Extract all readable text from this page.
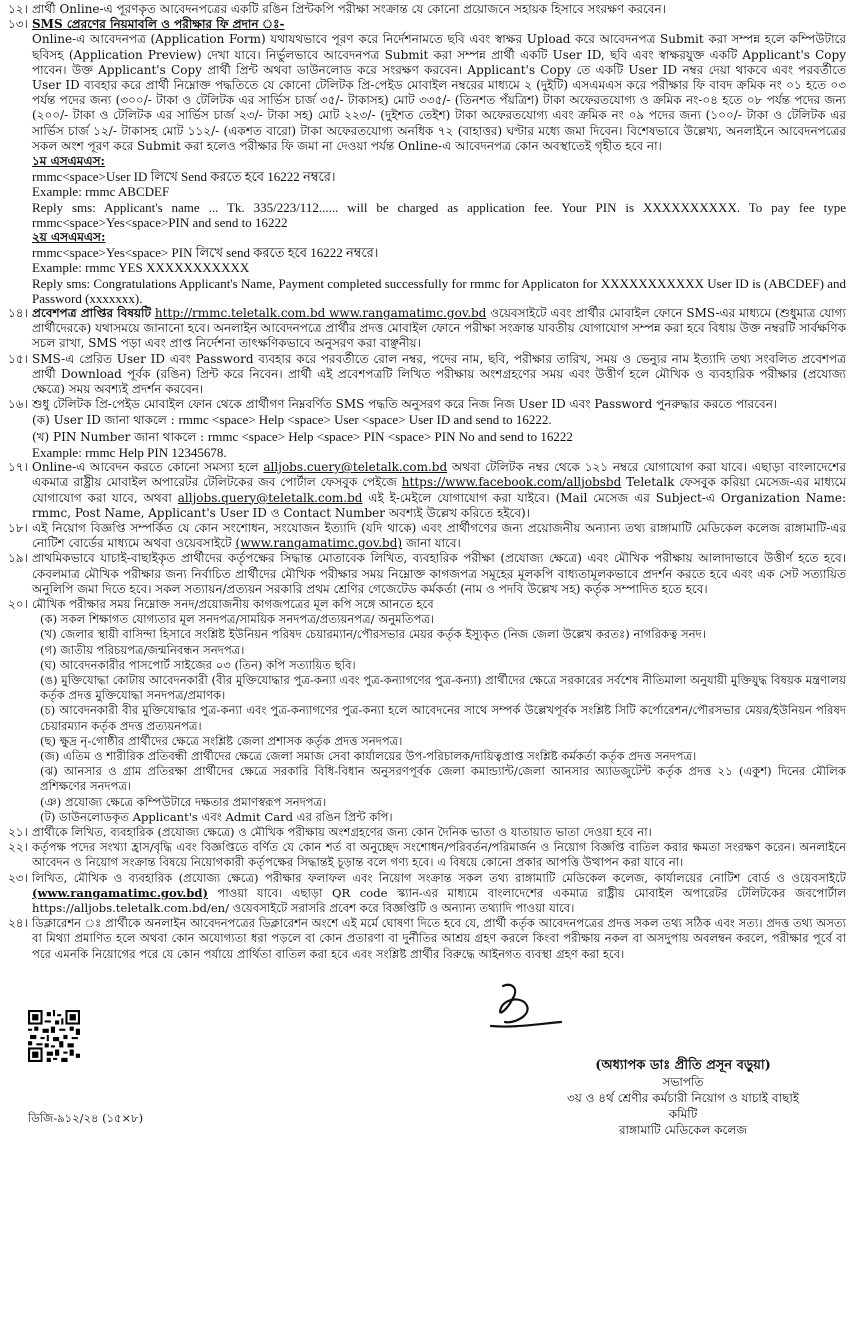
১২। প্রার্থী Online-এ পূরণকৃত আবেদনপত্রের একটি রঙিন প্রিন্টকপি পরীক্ষা সংক্রান্ত যে কোনো প্রয়োজনে সহায়ক হিসাবে সংরক্ষণ করবেন।
১৩। SMS প্রেরণের নিয়মাবলি ও পরীক্ষার ফি প্রদান ঃ-
Online-এ আবেদনপত্র (Application Form) যথাযথভাবে পূরণ করে নির্দেশনামতে ছবি এবং স্বাক্ষর Upload করে আবেদনপত্র Submit করা সম্পন্ন হলে কম্পিউটারে ছবিসহ (Application Preview) দেখা যাবে। নির্ভুলভাবে আবেদনপত্র Submit করা সম্পন্ন প্রার্থী একটি User ID, ছবি এবং স্বাক্ষরযুক্ত একটি Applicant's Copy পাবেন। উক্ত Applicant's Copy প্রার্থী প্রিন্ট অথবা ডাউনলোড করে সংরক্ষণ করবেন। Applicant's Copy তে একটি User ID নম্বর দেয়া থাকবে এবং পরবর্তীতে User ID ব্যবহার করে প্রার্থী নিম্নোক্ত পদ্ধতিতে যে কোনো টেলিটক প্রি-পেইড মোবাইল নম্বরের মাধ্যমে ২ (দুইটি) এসএমএস করে পরীক্ষার ফি বাবদ ক্রমিক নং ০১ হতে ০৩ পর্যন্ত পদের জন্য (৩০০/- টাকা ও টেলিটক এর সার্ভিস চার্জ ৩৫/- টাকাসহ) মোট ৩৩৫/- (তিনশত পঁয়ত্রিশ) টাকা অফেরতযোগ্য ও ক্রমিক নং-০৪ হতে ০৮ পর্যন্ত পদের জন্য (২০০/- টাকা ও টেলিটক এর সার্ভিস চার্জ ২৩/- টাকা সহ) মোট ২২৩/- (দুইশত তেইশ) টাকা অফেরতযোগ্য এবং ক্রমিক নং ০৯ পদের জন্য (১০০/- টাকা ও টেলিটক এর সার্ভিস চার্জ ১২/- টাকাসহ মোট ১১২/- (একশত বারো) টাকা অফেরতযোগ্য অনধিক ৭২ (বাহাত্তর) ঘণ্টার মধ্যে জমা দিবেন। বিশেষভাবে উল্লেখ্য, অনলাইনে আবেদনপত্রের সকল অংশ পূরণ করে Submit করা হলেও পরীক্ষার ফি জমা না দেওয়া পর্যন্ত Online-এ আবেদনপত্র কোন অবস্থাতেই গৃহীত হবে না।
১ম এসএমএস:
rmmc<space>User ID লিখে Send করতে হবে 16222 নম্বরে।
Example: rmmc ABCDEF
Reply sms: Applicant's name ... Tk. 335/223/112...... will be charged as application fee. Your PIN is XXXXXXXXXX. To pay fee type rmmc<space>Yes<space>PIN and send to 16222
২য় এসএমএস:
rmmc<space>Yes<space> PIN লিখে send করতে হবে 16222 নম্বরে।
Example: rmmc YES XXXXXXXXXXX
Reply sms: Congratulations Applicant's Name, Payment completed successfully for rmmc for Applicaton for XXXXXXXXXXX User ID is (ABCDEF) and Password (xxxxxxx).
১৪। প্রবেশপত্র প্রাপ্তির বিষয়টি http://rmmc.teletalk.com.bd www.rangamatimc.gov.bd ওয়েবসাইটে এবং প্রার্থীর মোবাইল ফোনে SMS-এর মাধ্যমে (শুধুমাত্র যোগ্য প্রার্থীদেরকে) যথাসময়ে জানানো হবে। অনলাইন আবেদনপত্রে প্রার্থীর প্রদত্ত মোবাইল ফোনে পরীক্ষা সংক্রান্ত যাবতীয় যোগাযোগ সম্পন্ন করা হবে বিধায় উক্ত নম্বরটি সার্বক্ষণিক সচল রাখা, SMS পড়া এবং প্রাপ্ত নির্দেশনা তাৎক্ষণিকভাবে অনুসরণ করা বাঞ্ছনীয়।
১৫। SMS-এ প্রেরিত User ID এবং Password ব্যবহার করে পরবর্তীতে রোল নম্বর, পদের নাম, ছবি, পরীক্ষার তারিখ, সময় ও ভেন্যুর নাম ইত্যাদি তথ্য সংবলিত প্রবেশপত্র প্রার্থী Download পূর্বক (রঙিন) প্রিন্ট করে নিবেন। প্রার্থী এই প্রবেশপত্রটি লিখিত পরীক্ষায় অংশগ্রহণের সময় এবং উত্তীর্ণ হলে মৌখিক ও ব্যবহারিক পরীক্ষার (প্রযোজ্য ক্ষেত্রে) সময় অবশ্যই প্রদর্শন করবেন।
১৬। শুধু টেলিটক প্রি-পেইড মোবাইল ফোন থেকে প্রার্থীগণ নিম্নবর্ণিত SMS পদ্ধতি অনুসরণ করে নিজ নিজ User ID এবং Password পুনরুদ্ধার করতে পারবেন।
(ক) User ID জানা থাকলে : rmmc <space> Help <space> User <space> User ID and send to 16222.
(খ) PIN Number জানা থাকলে : rmmc <space> Help <space> PIN <space> PIN No and send to 16222
Example: rmmc Help PIN 12345678.
১৭। Online-এ আবেদন করতে কোনো সমস্যা হলে alljobs.cuery@teletalk.com.bd অথবা টেলিটক নম্বর থেকে ১২১ নম্বরে যোগাযোগ করা যাবে। এছাড়া বাংলাদেশের একমাত্র রাষ্ট্রীয় মোবাইল অপারেটর টেলিটকের জব পোর্টাল ফেসবুক পেইজে https://www.facebook.com/alljobsbd Teletalk ফেসবুক করিয়া মেসেজ-এর মাধ্যমে যোগাযোগ করা যাবে, অথবা alljobs.query@teletalk.com.bd এই ই-মেইলে যোগাযোগ করা যাইবে। (Mail মেসেজ এর Subject-এ Organization Name: rmmc, Post Name, Applicant's User ID ও Contact Number অবশ্যই উল্লেখ করিতে হইবে)।
১৮। এই নিয়োগ বিজ্ঞপ্তি সম্পর্কিত যে কোন সংশোধন, সংযোজন ইত্যাদি (যদি থাকে) এবং প্রার্থীগণের জন্য প্রয়োজনীয় অন্যান্য তথ্য রাঙ্গামাটি মেডিকেল কলেজ রাঙ্গামাটি-এর নোটিশ বোর্ডের মাধ্যমে অথবা ওয়েবসাইটে (www.rangamatimc.gov.bd) জানা যাবে।
১৯। প্রাথমিকভাবে যাচাই-বাছাইকৃত প্রার্থীদের কর্তৃপক্ষের সিদ্ধান্ত মোতাবেক লিখিত, ব্যবহারিক পরীক্ষা (প্রযোজ্য ক্ষেত্রে) এবং মৌখিক পরীক্ষায় আলাদাভাবে উত্তীর্ণ হতে হবে। কেবলমাত্র মৌখিক পরীক্ষার জন্য নির্বাচিত প্রার্থীদের মৌখিক পরীক্ষার সময় নিম্নোক্ত কাগজপত্র সমূহের মূলকপি বাধ্যতামূলকভাবে প্রদর্শন করতে হবে এবং এক সেট সত্যায়িত অনুলিপি জমা দিতে হবে। সকল সত্যায়ন/প্রত্যয়ন সরকারি প্রথম শ্রেণির গেজেটেড কর্মকর্তা (নাম ও পদবি উল্লেখ সহ) কর্তৃক সম্পাদিত হতে হবে।
২০। মৌখিক পরীক্ষার সময় নিম্নোক্ত সনদ/প্রয়োজনীয় কাগজপত্রের মূল কপি সঙ্গে আনতে হবে
(ক) সকল শিক্ষাগত যোগ্যতার মূল সনদপত্র/সাময়িক সনদপত্র/প্রত্যয়নপত্র/ অনুমতিপত্র।
(খ) জেলার স্থায়ী বাসিন্দা হিসাবে সংশ্লিষ্ট ইউনিয়ন পরিষদ চেয়ারম্যান/পৌরসভার মেয়র কর্তৃক ইস্যুকৃত (নিজ জেলা উল্লেখ করতঃ) নাগরিকত্ব সনদ।
(গ) জাতীয় পরিচয়পত্র/জন্মনিবন্ধন সনদপত্র।
(ঘ) আবেদনকারীর পাসপোর্ট সাইজের ০৩ (তিন) কপি সত্যায়িত ছবি।
(ঙ) মুক্তিযোদ্ধা কোটায় আবেদনকারী (বীর মুক্তিযোদ্ধার পুত্র-কন্যা এবং পুত্র-কন্যাগণের পুত্র-কন্যা) প্রার্থীদের ক্ষেত্রে সরকারের সর্বশেষ নীতিমালা অনুযায়ী মুক্তিযুদ্ধ বিষয়ক মন্ত্রণালয় কর্তৃক প্রদত্ত মুক্তিযোদ্ধা সনদপত্র/প্রমাণক।
(চ) আবেদনকারী বীর মুক্তিযোদ্ধার পুত্র-কন্যা এবং পুত্র-কন্যাগণের পুত্র-কন্যা হলে আবেদনের সাথে সম্পর্ক উল্লেখপূর্বক সংশ্লিষ্ট সিটি কর্পোরেশন/পৌরসভার মেয়র/ইউনিয়ন পরিষদ চেয়ারম্যান কর্তৃক প্রদত্ত প্রত্যয়নপত্র।
(ছ) ক্ষুদ্র নৃ-গোষ্ঠীর প্রার্থীদের ক্ষেত্রে সংশ্লিষ্ট জেলা প্রশাসক কর্তৃক প্রদত্ত সনদপত্র।
(জ) এতিম ও শারীরিক প্রতিবন্ধী প্রার্থীদের ক্ষেত্রে জেলা সমাজ সেবা কার্যালয়ের উপ-পরিচালক/দায়িত্বপ্রাপ্ত সংশ্লিষ্ট কর্মকর্তা কর্তৃক প্রদত্ত সনদপত্র।
(ঝ) আনসার ও গ্রাম প্রতিরক্ষা প্রার্থীদের ক্ষেত্রে সরকারি বিধি-বিধান অনুসরণপূর্বক জেলা কমান্ড্যান্ট/জেলা আনসার অ্যাডজুটেন্ট কর্তৃক প্রদত্ত ২১ (একুশ) দিনের মৌলিক প্রশিক্ষণের সনদপত্র।
(ঞ) প্রযোজ্য ক্ষেত্রে কম্পিউটারে দক্ষতার প্রমাণস্বরূপ সনদপত্র।
(ট) ডাউনলোডকৃত Applicant's এবং Admit Card এর রঙিন প্রিন্ট কপি।
২১। প্রার্থীকে লিখিত, ব্যবহারিক (প্রযোজ্য ক্ষেত্রে) ও মৌখিক পরীক্ষায় অংশগ্রহণের জন্য কোন দৈনিক ভাতা ও যাতায়াত ভাতা দেওয়া হবে না।
২২। কর্তৃপক্ষ পদের সংখ্যা হ্রাস/বৃদ্ধি এবং বিজ্ঞপ্তিতে বর্ণিত যে কোন শর্ত বা অনুচ্ছেদ সংশোধন/পরিবর্তন/পরিমার্জন ও নিয়োগ বিজ্ঞপ্তি বাতিল করার ক্ষমতা সংরক্ষণ করেন। অনলাইনে আবেদন ও নিয়োগ সংক্রান্ত বিষয়ে নিয়োগকারী কর্তৃপক্ষের সিদ্ধান্তই চূড়ান্ত বলে গণ্য হবে। এ বিষয়ে কোনো প্রকার আপত্তি উত্থাপন করা যাবে না।
২৩। লিখিত, মৌখিক ও ব্যবহারিক (প্রযোজ্য ক্ষেত্রে) পরীক্ষার ফলাফল এবং নিয়োগ সংক্রান্ত সকল তথ্য রাঙ্গামাটি মেডিকেল কলেজ, কার্যালয়ের নোটিশ বোর্ড ও ওয়েবসাইটে (www.rangamatimc.gov.bd) পাওয়া যাবে। এছাড়া QR code স্ক্যান-এর মাধ্যমে বাংলাদেশের একমাত্র রাষ্ট্রীয় মোবাইল অপারেটর টেলিটকের জবপোর্টাল https://alljobs.teletalk.com.bd/en/ ওয়েবসাইটে সরাসরি প্রবেশ করে বিজ্ঞপ্তিটি ও অন্যান্য তথ্যাদি পাওয়া যাবে।
২৪। ডিক্লারেশন ঃ প্রার্থীকে অনলাইন আবেদনপত্রের ডিক্লারেশন অংশে এই মর্মে ঘোষণা দিতে হবে যে, প্রার্থী কর্তৃক আবেদনপত্রের প্রদত্ত সকল তথ্য সঠিক এবং সত্য। প্রদত্ত তথ্য অসত্য বা মিথ্যা প্রমাণিত হলে অথবা কোন অযোগ্যতা ধরা পড়লে বা কোন প্রতারণা বা দুর্নীতির আশ্রয় গ্রহণ করলে কিংবা পরীক্ষায় নকল বা অসদুপায় অবলম্বন করলে, পরীক্ষার পূর্বে বা পরে এমনকি নিয়োগের পরে যে কোন পর্যায়ে প্রার্থিতা বাতিল করা হবে এবং সংশ্লিষ্ট প্রার্থীর বিরুদ্ধে আইনগত ব্যবস্থা গ্রহণ করা হবে।
(অধ্যাপক ডাঃ প্রীতি প্রসূন বড়ুয়া)
সভাপতি
৩য় ও ৪র্থ শ্রেণীর কর্মচারী নিয়োগ ও যাচাই বাছাই কমিটি
রাঙ্গামাটি মেডিকেল কলেজ
ডিজি-৯১২/২৪ (১৫×৮)
